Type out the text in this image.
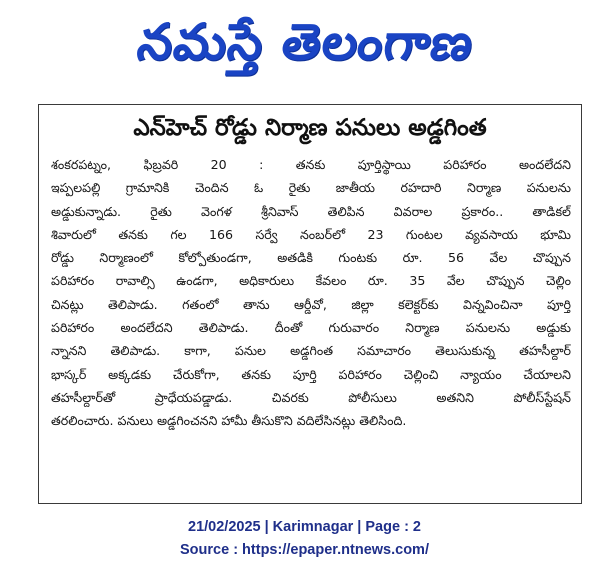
నమస్తే తెలంగాణ
ఎన్‌హెచ్‌ రోడ్డు నిర్మాణ పనులు అడ్డగింత
శంకరపట్నం, ఫిబ్రవరి 20 : తనకు పూర్తిస్థాయి పరిహారం అందలేదని
ఇప్పలపల్లి గ్రామానికి చెందిన ఓ రైతు జాతీయ రహదారి నిర్మాణ పనులను
అడ్డుకున్నాడు. రైతు వెంగళ శ్రీనివాస్‌ తెలిపిన వివరాల ప్రకారం.. తాడికల్‌
శివారులో తనకు గల 166 సర్వే నంబర్‌లో 23 గుంటల వ్యవసాయ భూమి
రోడ్డు నిర్మాణంలో కోల్పోతుండగా, అతడికి గుంటకు రూ. 56 వేల చొప్పున
పరిహారం రావాల్సి ఉండగా, అధికారులు కేవలం రూ. 35 వేల చొప్పున చెల్లిం
చినట్లు తెలిపాడు. గతంలో తాను ఆర్డీవో, జిల్లా కలెక్టర్‌కు విన్నవించినా పూర్తి
పరిహారం అందలేదని తెలిపాడు. దీంతో గురువారం నిర్మాణ పనులను అడ్డుకు
న్నానని తెలిపాడు. కాగా, పనుల అడ్డగింత సమాచారం తెలుసుకున్న తహసీల్దార్‌
భాస్కర్‌ అక్కడకు చేరుకోగా, తనకు పూర్తి పరిహారం చెల్లించి న్యాయం చేయాలని
తహసీల్దార్‌తో ప్రాధేయపడ్డాడు. చివరకు పోలీసులు అతనిని పోలీస్‌స్టేషన్‌
తరలించారు. పనులు అడ్డగించనని హామీ తీసుకొని వదిలేసినట్లు తెలిసింది.
21/02/2025 | Karimnagar | Page : 2
Source : https://epaper.ntnews.com/
